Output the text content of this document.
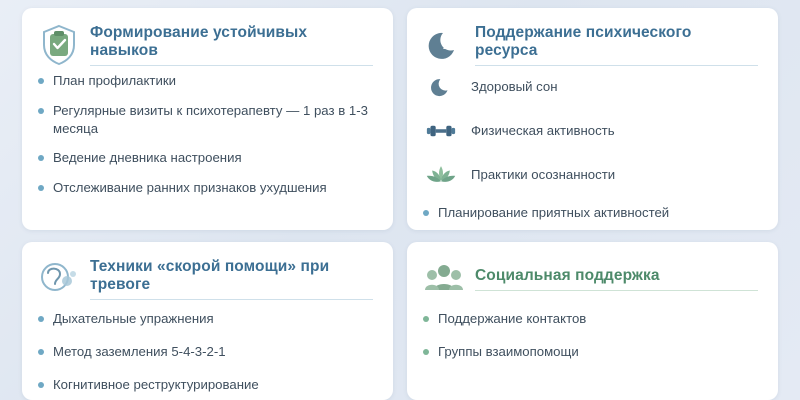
Формирование устойчивых навыков
План профилактики
Регулярные визиты к психотерапевту — 1 раз в 1-3 месяца
Ведение дневника настроения
Отслеживание ранних признаков ухудшения
z
z
Поддержание психического ресурса
Здоровый сон
Физическая активность
Практики осознанности
Планирование приятных активностей
Техники «скорой помощи» при тревоге
Дыхательные упражнения
Метод заземления 5-4-3-2-1
Когнитивное реструктурирование
Социальная поддержка
Поддержание контактов
Группы взаимопомощи
